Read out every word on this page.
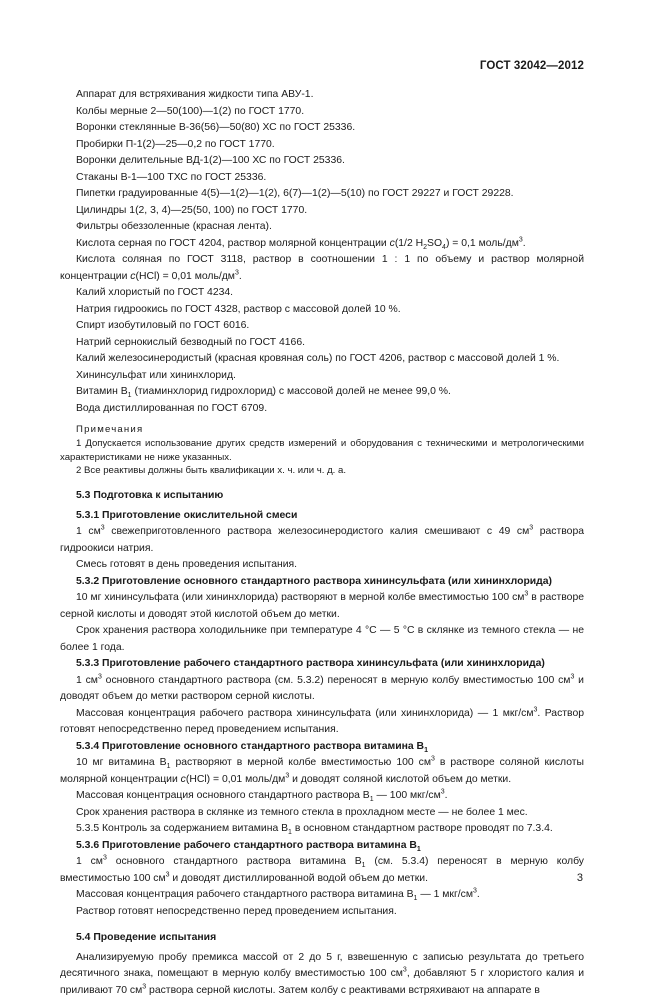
ГОСТ 32042—2012

Аппарат для встряхивания жидкости типа АВУ-1.

Колбы мерные 2—50(100)—1(2) по ГОСТ 1770.

Воронки стеклянные В-36(56)—50(80) ХС по ГОСТ 25336.

Пробирки П-1(2)—25—0,2 по ГОСТ 1770.

Воронки делительные ВД-1(2)—100 ХС по ГОСТ 25336.

Стаканы В-1—100 ТХС по ГОСТ 25336.

Пипетки градуированные 4(5)—1(2)—1(2), 6(7)—1(2)—5(10) по ГОСТ 29227 и ГОСТ 29228.

Цилиндры 1(2, 3, 4)—25(50, 100) по ГОСТ 1770.

Фильтры обеззоленные (красная лента).

Кислота серная по ГОСТ 4204, раствор молярной концентрации c(1/2 $H_2SO_4) = 0,1$ моль/$дм^3$.

Кислота соляная по ГОСТ 3118, раствор в соотношении 1 : 1 по объему и раствор молярной концентрации c(HCl) = 0,01 моль/$дм^3$.

Калий хлористый по ГОСТ 4234.

Натрия гидроокись по ГОСТ 4328, раствор с массовой долей 10 %.

Спирт изобутиловый по ГОСТ 6016.

Натрий сернокислый безводный по ГОСТ 4166.

Калий железосинеродистый (красная кровяная соль) по ГОСТ 4206, раствор с массовой долей 1 %.

Хининсульфат или хининхлорид.

Витамин $В_1$ (тиаминхлорид гидрохлорид) с массовой долей не менее 99,0 %.

Вода дистиллированная по ГОСТ 6709.

Примечания

1 Допускается использование других средств измерений и оборудования с техническими и метрологическими характеристиками не ниже указанных.

2 Все реактивы должны быть квалификации х. ч. или ч. д. а.

5.3 Подготовка к испытанию

5.3.1 Приготовление окислительной смеси

1 $см^3$ свежеприготовленного раствора железосинеродистого калия смешивают с 49 $см^3$ раствора гидроокиси натрия.

Смесь готовят в день проведения испытания.

5.3.2 Приготовление основного стандартного раствора хининсульфата (или хининхлорида)

10 мг хининсульфата (или хининхлорида) растворяют в мерной колбе вместимостью 100 $см^3$ в растворе серной кислоты и доводят этой кислотой объем до метки.

Срок хранения раствора холодильнике при температуре 4 °С — 5 °С в склянке из темного стекла — не более 1 года.

5.3.3 Приготовление рабочего стандартного раствора хининсульфата (или хининхлорида)

1 $см^3$ основного стандартного раствора (см. 5.3.2) переносят в мерную колбу вместимостью 100 $см^3$ и доводят объем до метки раствором серной кислоты.

Массовая концентрация рабочего раствора хининсульфата (или хининхлорида) — 1 мкг/$см^3$. Раствор готовят непосредственно перед проведением испытания.

5.3.4 Приготовление основного стандартного раствора витамина $В_1$

10 мг витамина $В_1$ растворяют в мерной колбе вместимостью 100 $см^3$ в растворе соляной кислоты молярной концентрации c(HCl) = 0,01 моль/$дм^3$ и доводят соляной кислотой объем до метки.

Массовая концентрация основного стандартного раствора $В_1$ — 100 мкг/$см^3$.

Срок хранения раствора в склянке из темного стекла в прохладном месте — не более 1 мес.

5.3.5 Контроль за содержанием витамина $В_1$ в основном стандартном растворе проводят по 7.3.4.

5.3.6 Приготовление рабочего стандартного раствора витамина $В_1$

1 $см^3$ основного стандартного раствора витамина $В_1$ (см. 5.3.4) переносят в мерную колбу вместимостью 100 $см^3$ и доводят дистиллированной водой объем до метки.

Массовая концентрация рабочего стандартного раствора витамина $В_1$ — 1 мкг/$см^3$.

Раствор готовят непосредственно перед проведением испытания.

5.4 Проведение испытания

Анализируемую пробу премикса массой от 2 до 5 г, взвешенную с записью результата до третьего десятичного знака, помещают в мерную колбу вместимостью 100 $см^3$, добавляют 5 г хлористого калия и приливают 70 $см^3$ раствора серной кислоты. Затем колбу с реактивами встряхивают на аппарате в

3
